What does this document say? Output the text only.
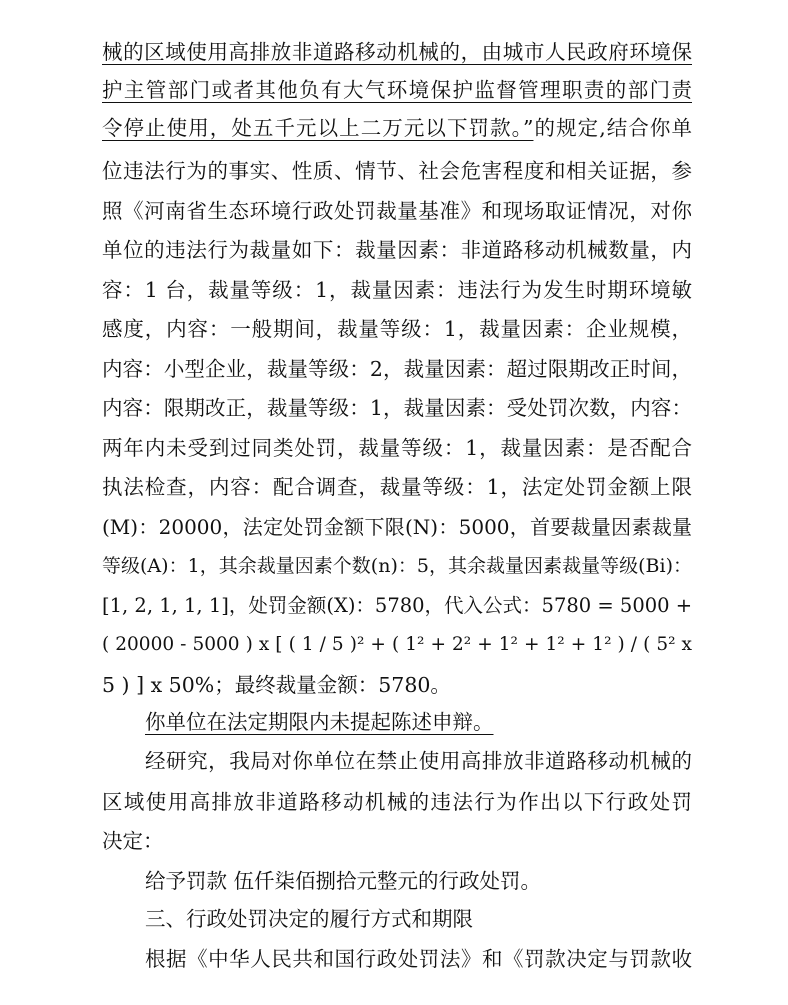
械的区域使用高排放非道路移动机械的，由城市人民政府环境保
护主管部门或者其他负有大气环境保护监督管理职责的部门责
令停止使用，处五千元以上二万元以下罚款。”的规定,结合你单
位违法行为的事实、性质、情节、社会危害程度和相关证据，参
照《河南省生态环境行政处罚裁量基准》和现场取证情况，对你
单位的违法行为裁量如下：裁量因素：非道路移动机械数量，内
容：1 台，裁量等级：1，裁量因素：违法行为发生时期环境敏
感度，内容：一般期间，裁量等级：1，裁量因素：企业规模，
内容：小型企业，裁量等级：2，裁量因素：超过限期改正时间，
内容：限期改正，裁量等级：1，裁量因素：受处罚次数，内容：
两年内未受到过同类处罚，裁量等级：1，裁量因素：是否配合
执法检查，内容：配合调查，裁量等级：1，法定处罚金额上限
(M)：20000，法定处罚金额下限(N)：5000，首要裁量因素裁量
等级(A)：1，其余裁量因素个数(n)：5，其余裁量因素裁量等级(Bi)：
[1, 2, 1, 1, 1]，处罚金额(X)：5780，代入公式：5780 = 5000 +
( 20000 - 5000 ) x [ ( 1 / 5 )² + ( 1² + 2² + 1² + 1² + 1² ) / ( 5² x
5 ) ] x 50%；最终裁量金额：5780。
你单位在法定期限内未提起陈述申辩。
经研究，我局对你单位在禁止使用高排放非道路移动机械的
区域使用高排放非道路移动机械的违法行为作出以下行政处罚
决定：
给予罚款 伍仟柒佰捌拾元整元的行政处罚。
三、行政处罚决定的履行方式和期限
根据《中华人民共和国行政处罚法》和《罚款决定与罚款收
